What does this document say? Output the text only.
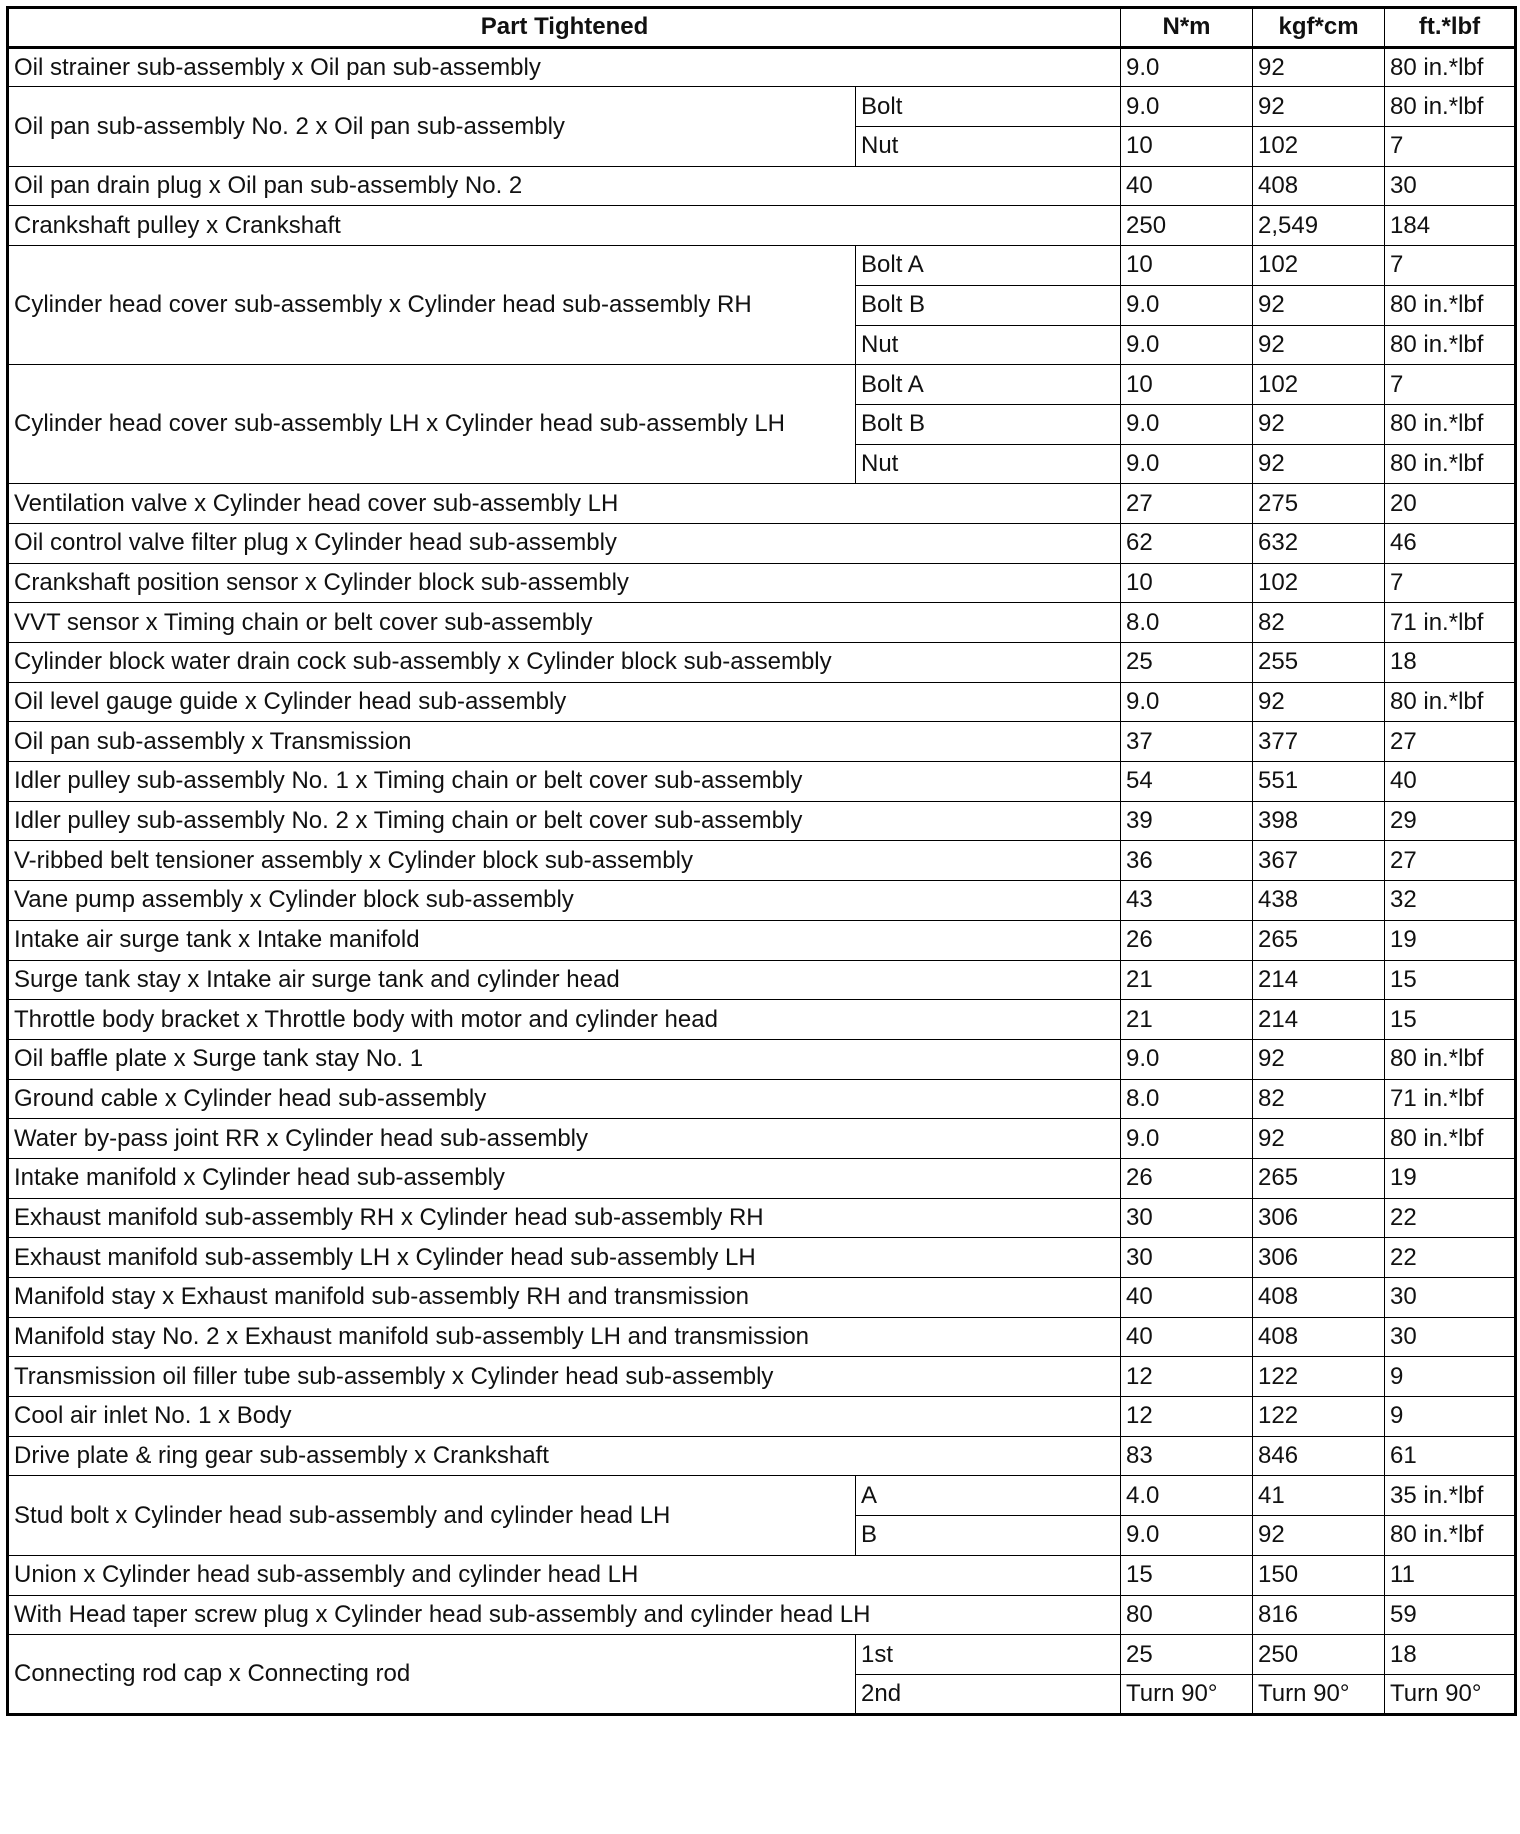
Part Tightened		N*m	kgf*cm	ft.*lbf
Oil strainer sub-assembly x Oil pan sub-assembly		9.0	92	80 in.*lbf
Oil pan sub-assembly No. 2 x Oil pan sub-assembly	Bolt	9.0	92	80 in.*lbf
	Nut	10	102	7
Oil pan drain plug x Oil pan sub-assembly No. 2		40	408	30
Crankshaft pulley x Crankshaft		250	2,549	184
Cylinder head cover sub-assembly x Cylinder head sub-assembly RH	Bolt A	10	102	7
	Bolt B	9.0	92	80 in.*lbf
	Nut	9.0	92	80 in.*lbf
Cylinder head cover sub-assembly LH x Cylinder head sub-assembly LH	Bolt A	10	102	7
	Bolt B	9.0	92	80 in.*lbf
	Nut	9.0	92	80 in.*lbf
Ventilation valve x Cylinder head cover sub-assembly LH		27	275	20
Oil control valve filter plug x Cylinder head sub-assembly		62	632	46
Crankshaft position sensor x Cylinder block sub-assembly		10	102	7
VVT sensor x Timing chain or belt cover sub-assembly		8.0	82	71 in.*lbf
Cylinder block water drain cock sub-assembly x Cylinder block sub-assembly		25	255	18
Oil level gauge guide x Cylinder head sub-assembly		9.0	92	80 in.*lbf
Oil pan sub-assembly x Transmission		37	377	27
Idler pulley sub-assembly No. 1 x Timing chain or belt cover sub-assembly		54	551	40
Idler pulley sub-assembly No. 2 x Timing chain or belt cover sub-assembly		39	398	29
V-ribbed belt tensioner assembly x Cylinder block sub-assembly		36	367	27
Vane pump assembly x Cylinder block sub-assembly		43	438	32
Intake air surge tank x Intake manifold		26	265	19
Surge tank stay x Intake air surge tank and cylinder head		21	214	15
Throttle body bracket x Throttle body with motor and cylinder head		21	214	15
Oil baffle plate x Surge tank stay No. 1		9.0	92	80 in.*lbf
Ground cable x Cylinder head sub-assembly		8.0	82	71 in.*lbf
Water by-pass joint RR x Cylinder head sub-assembly		9.0	92	80 in.*lbf
Intake manifold x Cylinder head sub-assembly		26	265	19
Exhaust manifold sub-assembly RH x Cylinder head sub-assembly RH		30	306	22
Exhaust manifold sub-assembly LH x Cylinder head sub-assembly LH		30	306	22
Manifold stay x Exhaust manifold sub-assembly RH and transmission		40	408	30
Manifold stay No. 2 x Exhaust manifold sub-assembly LH and transmission		40	408	30
Transmission oil filler tube sub-assembly x Cylinder head sub-assembly		12	122	9
Cool air inlet No. 1 x Body		12	122	9
Drive plate & ring gear sub-assembly x Crankshaft		83	846	61
Stud bolt x Cylinder head sub-assembly and cylinder head LH	A	4.0	41	35 in.*lbf
	B	9.0	92	80 in.*lbf
Union x Cylinder head sub-assembly and cylinder head LH		15	150	11
With Head taper screw plug x Cylinder head sub-assembly and cylinder head LH		80	816	59
Connecting rod cap x Connecting rod	1st	25	250	18
	2nd	Turn 90°	Turn 90°	Turn 90°
